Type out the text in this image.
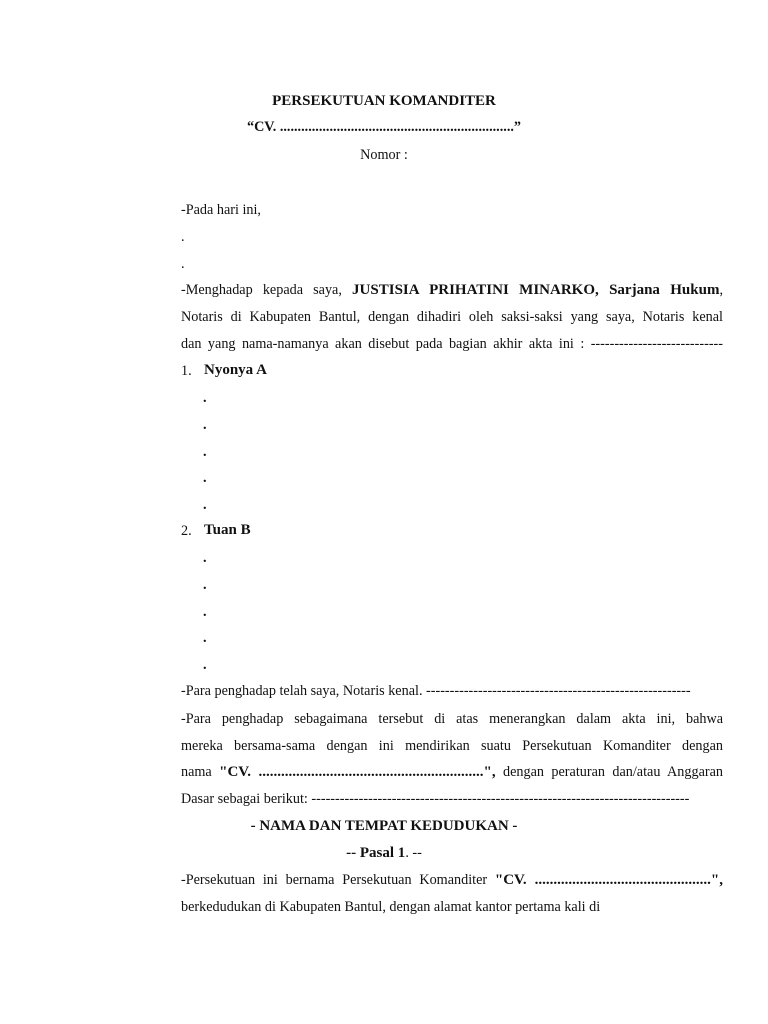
PERSEKUTUAN KOMANDITER
“CV. ..................................................................”
Nomor :
-Pada hari ini,
.
.
-Menghadap kepada saya, JUSTISIA PRIHATINI MINARKO, Sarjana Hukum,
Notaris di Kabupaten Bantul, dengan dihadiri oleh saksi-saksi yang saya, Notaris kenal
dan yang nama-namanya akan disebut pada bagian akhir akta ini : ----------------------------
1. Nyonya A
.
.
.
.
.
2. Tuan B
.
.
.
.
.
-Para penghadap telah saya, Notaris kenal. --------------------------------------------------------
-Para penghadap sebagaimana tersebut di atas menerangkan dalam akta ini, bahwa
mereka bersama-sama dengan ini mendirikan suatu Persekutuan Komanditer dengan
nama "CV. ............................................................", dengan peraturan dan/atau Anggaran
Dasar sebagai berikut: --------------------------------------------------------------------------------
- NAMA DAN TEMPAT KEDUDUKAN -
-- Pasal 1. --
-Persekutuan ini bernama Persekutuan Komanditer "CV. ...............................................",
berkedudukan di Kabupaten Bantul, dengan alamat kantor pertama kali di
